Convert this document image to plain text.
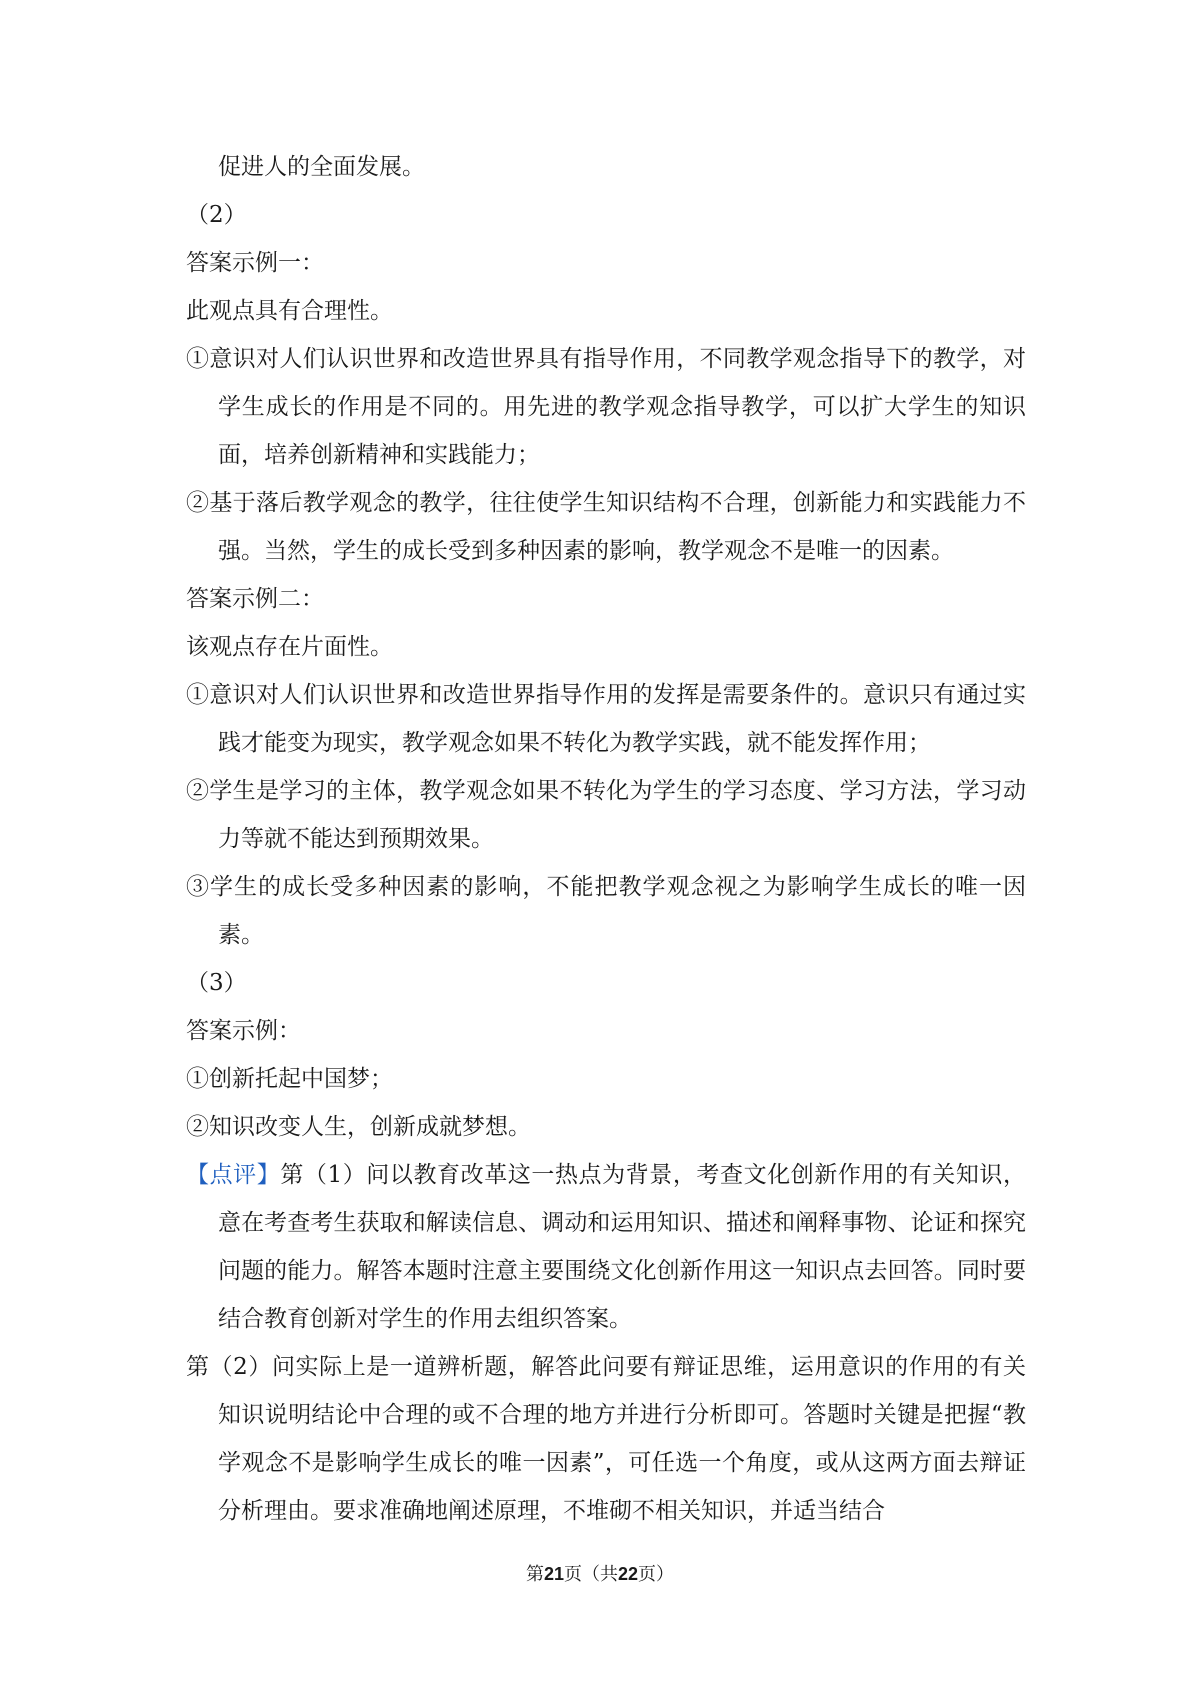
促进人的全面发展。
（2）
答案示例一：
此观点具有合理性。
①意识对人们认识世界和改造世界具有指导作用，不同教学观念指导下的教学，对学生成长的作用是不同的。用先进的教学观念指导教学，可以扩大学生的知识面，培养创新精神和实践能力；
②基于落后教学观念的教学，往往使学生知识结构不合理，创新能力和实践能力不强。当然，学生的成长受到多种因素的影响，教学观念不是唯一的因素。
答案示例二：
该观点存在片面性。
①意识对人们认识世界和改造世界指导作用的发挥是需要条件的。意识只有通过实践才能变为现实，教学观念如果不转化为教学实践，就不能发挥作用；
②学生是学习的主体，教学观念如果不转化为学生的学习态度、学习方法，学习动力等就不能达到预期效果。
③学生的成长受多种因素的影响，不能把教学观念视之为影响学生成长的唯一因素。
（3）
答案示例：
①创新托起中国梦；
②知识改变人生，创新成就梦想。
【点评】第（1）问以教育改革这一热点为背景，考查文化创新作用的有关知识，意在考查考生获取和解读信息、调动和运用知识、描述和阐释事物、论证和探究问题的能力。解答本题时注意主要围绕文化创新作用这一知识点去回答。同时要结合教育创新对学生的作用去组织答案。
第（2）问实际上是一道辨析题，解答此问要有辩证思维，运用意识的作用的有关知识说明结论中合理的或不合理的地方并进行分析即可。答题时关键是把握“教学观念不是影响学生成长的唯一因素”，可任选一个角度，或从这两方面去辩证分析理由。要求准确地阐述原理，不堆砌不相关知识，并适当结合
第21页（共22页）
